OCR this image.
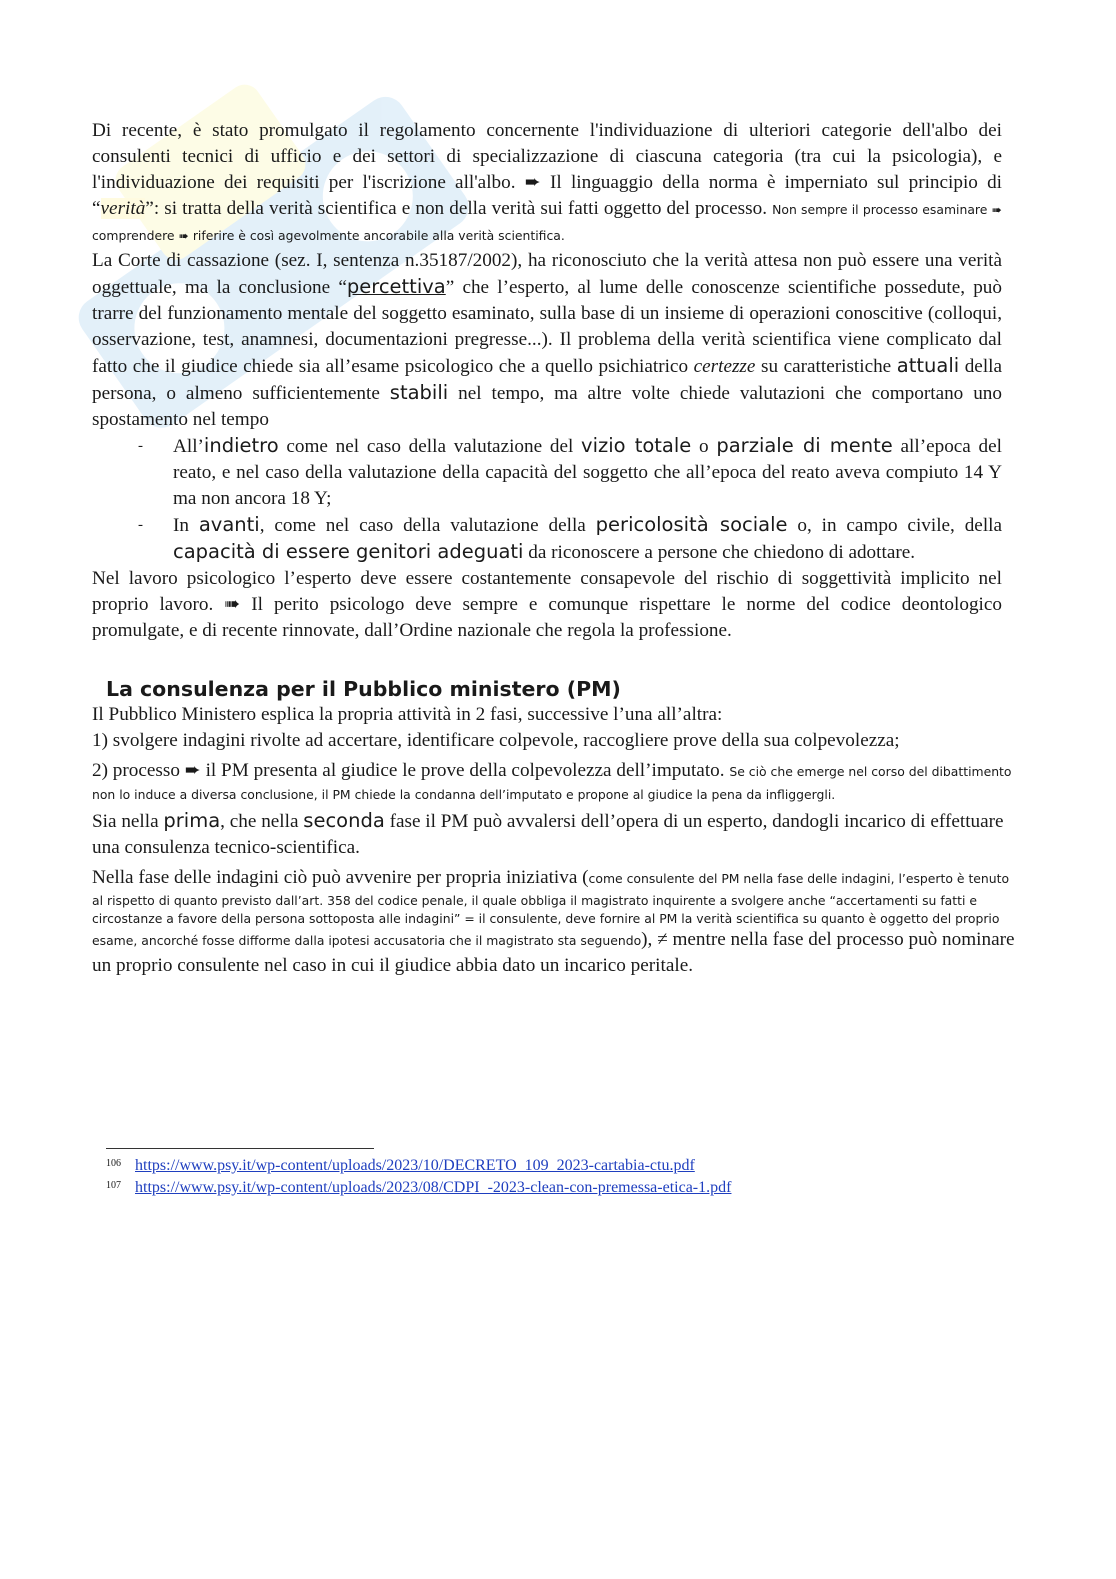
Di recente, è stato promulgato il regolamento concernente l'individuazione di ulteriori categorie dell'albo dei consulenti tecnici di ufficio e dei settori di specializzazione di ciascuna categoria (tra cui la psicologia), e l'individuazione dei requisiti per l'iscrizione all'albo. ➨ Il linguaggio della norma è imperniato sul principio di “verità”: si tratta della verità scientifica e non della verità sui fatti oggetto del processo. Non sempre il processo esaminare ➠ comprendere ➠ riferire è così agevolmente ancorabile alla verità scientifica.

La Corte di cassazione (sez. I, sentenza n.35187/2002), ha riconosciuto che la verità attesa non può essere una verità oggettuale, ma la conclusione “percettiva” che l’esperto, al lume delle conoscenze scientifiche possedute, può trarre del funzionamento mentale del soggetto esaminato, sulla base di un insieme di operazioni conoscitive (colloqui, osservazione, test, anamnesi, documentazioni pregresse...). Il problema della verità scientifica viene complicato dal fatto che il giudice chiede sia all’esame psicologico che a quello psichiatrico certezze su caratteristiche attuali della persona, o almeno sufficientemente stabili nel tempo, ma altre volte chiede valutazioni che comportano uno spostamento nel tempo

- All’indietro come nel caso della valutazione del vizio totale o parziale di mente all’epoca del reato, e nel caso della valutazione della capacità del soggetto che all’epoca del reato aveva compiuto 14 Y ma non ancora 18 Y;
- In avanti, come nel caso della valutazione della pericolosità sociale o, in campo civile, della capacità di essere genitori adeguati da riconoscere a persone che chiedono di adottare.

Nel lavoro psicologico l’esperto deve essere costantemente consapevole del rischio di soggettività implicito nel proprio lavoro. ➠ Il perito psicologo deve sempre e comunque rispettare le norme del codice deontologico promulgate, e di recente rinnovate, dall’Ordine nazionale che regola la professione.

La consulenza per il Pubblico ministero (PM)

Il Pubblico Ministero esplica la propria attività in 2 fasi, successive l’una all’altra:

1) svolgere indagini rivolte ad accertare, identificare colpevole, raccogliere prove della sua colpevolezza;

2) processo ➨ il PM presenta al giudice le prove della colpevolezza dell’imputato. Se ciò che emerge nel corso del dibattimento non lo induce a diversa conclusione, il PM chiede la condanna dell’imputato e propone al giudice la pena da infliggergli.

Sia nella prima, che nella seconda fase il PM può avvalersi dell’opera di un esperto, dandogli incarico di effettuare una consulenza tecnico-scientifica.

Nella fase delle indagini ciò può avvenire per propria iniziativa (come consulente del PM nella fase delle indagini, l’esperto è tenuto al rispetto di quanto previsto dall’art. 358 del codice penale, il quale obbliga il magistrato inquirente a svolgere anche “accertamenti su fatti e circostanze a favore della persona sottoposta alle indagini” = il consulente, deve fornire al PM la verità scientifica su quanto è oggetto del proprio esame, ancorché fosse difforme dalla ipotesi accusatoria che il magistrato sta seguendo), ≠ mentre nella fase del processo può nominare un proprio consulente nel caso in cui il giudice abbia dato un incarico peritale.

$^{106}$ https://www.psy.it/wp-content/uploads/2023/10/DECRETO_109_2023-cartabia-ctu.pdf
$^{107}$ https://www.psy.it/wp-content/uploads/2023/08/CDPI_-2023-clean-con-premessa-etica-1.pdf
